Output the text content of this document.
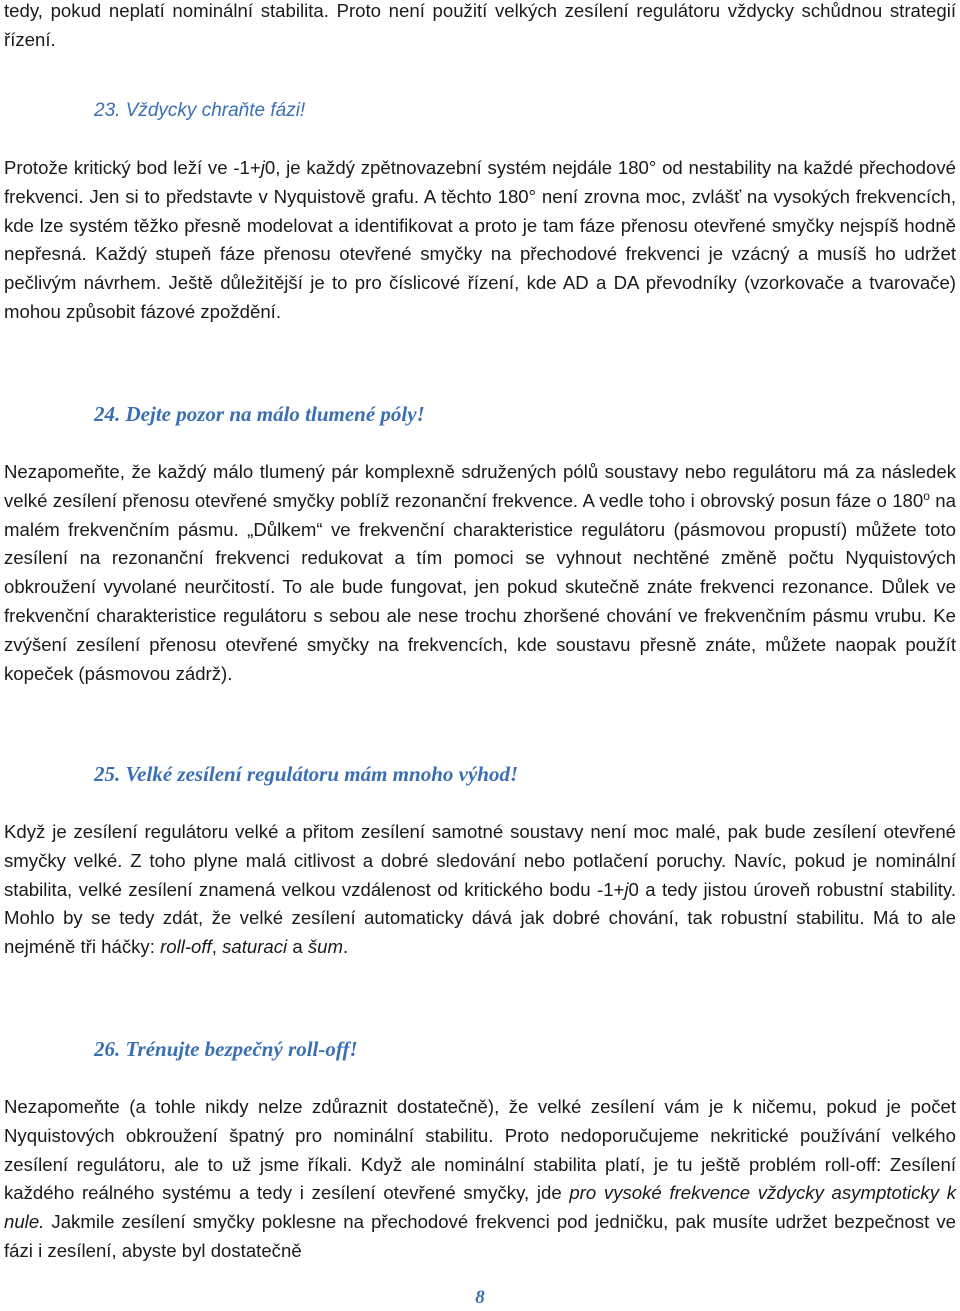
tedy, pokud neplatí nominální stabilita. Proto není použití velkých zesílení regulátoru vždycky schůdnou strategií řízení.

23. Vždycky chraňte fázi!

Protože kritický bod leží ve -1+j0, je každý zpětnovazební systém nejdále 180° od nestability na každé přechodové frekvenci. Jen si to představte v Nyquistově grafu. A těchto 180° není zrovna moc, zvlášť na vysokých frekvencích, kde lze systém těžko přesně modelovat a identifikovat a proto je tam fáze přenosu otevřené smyčky nejspíš hodně nepřesná. Každý stupeň fáze přenosu otevřené smyčky na přechodové frekvenci je vzácný a musíš ho udržet pečlivým návrhem. Ještě důležitější je to pro číslicové řízení, kde AD a DA převodníky (vzorkovače a tvarovače) mohou způsobit fázové zpoždění.

24. Dejte pozor na málo tlumené póly!

Nezapomeňte, že každý málo tlumený pár komplexně sdružených pólů soustavy nebo regulátoru má za následek velké zesílení přenosu otevřené smyčky poblíž rezonanční frekvence. A vedle toho i obrovský posun fáze o 180$^o$ na malém frekvenčním pásmu. „Důlkem“ ve frekvenční charakteristice regulátoru (pásmovou propustí) můžete toto zesílení na rezonanční frekvenci redukovat a tím pomoci se vyhnout nechtěné změně počtu Nyquistových obkroužení vyvolané neurčitostí. To ale bude fungovat, jen pokud skutečně znáte frekvenci rezonance. Důlek ve frekvenční charakteristice regulátoru s sebou ale nese trochu zhoršené chování ve frekvenčním pásmu vrubu. Ke zvýšení zesílení přenosu otevřené smyčky na frekvencích, kde soustavu přesně znáte, můžete naopak použít kopeček (pásmovou zádrž).

25. Velké zesílení regulátoru mám mnoho výhod!

Když je zesílení regulátoru velké a přitom zesílení samotné soustavy není moc malé, pak bude zesílení otevřené smyčky velké. Z toho plyne malá citlivost a dobré sledování nebo potlačení poruchy. Navíc, pokud je nominální stabilita, velké zesílení znamená velkou vzdálenost od kritického bodu -1+j0 a tedy jistou úroveň robustní stability. Mohlo by se tedy zdát, že velké zesílení automaticky dává jak dobré chování, tak robustní stabilitu. Má to ale nejméně tři háčky: roll-off, saturaci a šum.

26. Trénujte bezpečný roll-off!

Nezapomeňte (a tohle nikdy nelze zdůraznit dostatečně), že velké zesílení vám je k ničemu, pokud je počet Nyquistových obkroužení špatný pro nominální stabilitu. Proto nedoporučujeme nekritické používání velkého zesílení regulátoru, ale to už jsme říkali. Když ale nominální stabilita platí, je tu ještě problém roll-off: Zesílení každého reálného systému a tedy i zesílení otevřené smyčky, jde pro vysoké frekvence vždycky asymptoticky k nule. Jakmile zesílení smyčky poklesne na přechodové frekvenci pod jedničku, pak musíte udržet bezpečnost ve fázi i zesílení, abyste byl dostatečně

8
